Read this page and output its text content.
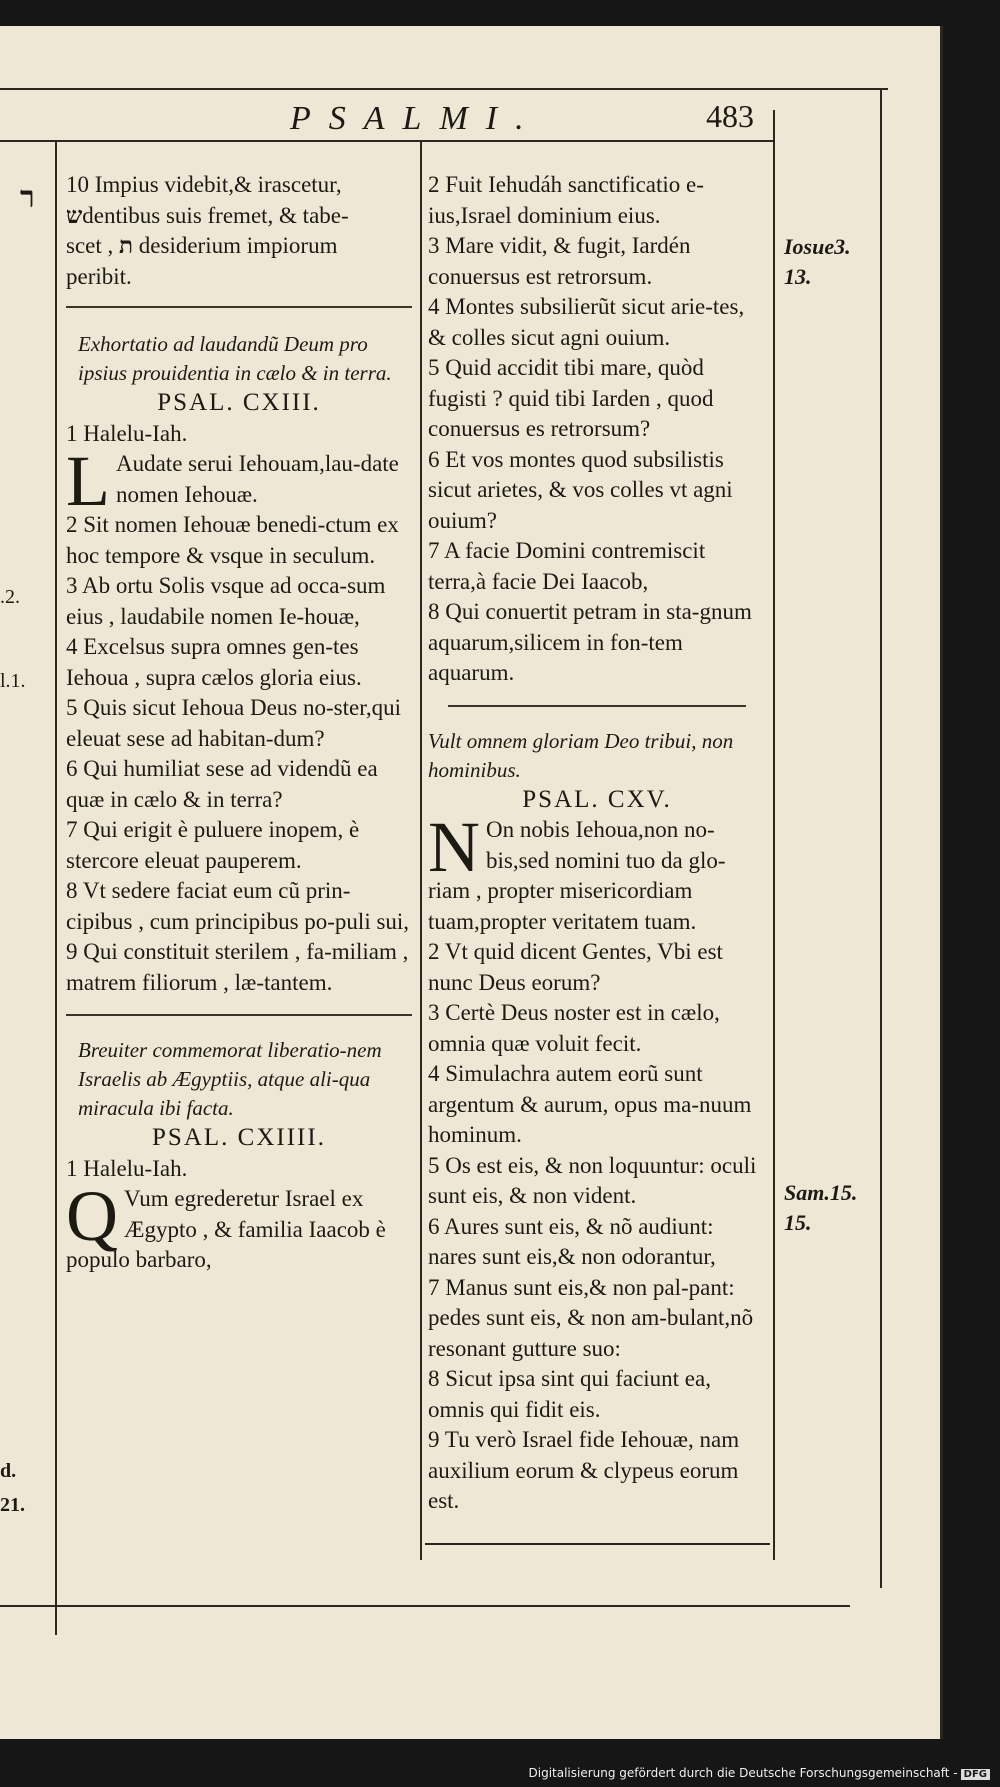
PSALMI.	483
ר
.2.
l.1.
d.
21.

10 Impius videbit,& irascetur,

שdentibus suis fremet, & tabe-

scet , ת desiderium impiorum

peribit.

Exhortatio ad laudandũ Deum pro ipsius prouidentia in cælo & in terra.

PSAL. CXIII.

1 Halelu-Iah.

L Audate serui Iehouam,lau-date nomen Iehouæ.

2 Sit nomen Iehouæ benedi-ctum ex hoc tempore & vsque in seculum.

3 Ab ortu Solis vsque ad occa-sum eius , laudabile nomen Ie-houæ,

4 Excelsus supra omnes gen-tes Iehoua , supra cælos gloria eius.

5 Quis sicut Iehoua Deus no-ster,qui eleuat sese ad habitan-dum?

6 Qui humiliat sese ad videndũ ea quæ in cælo & in terra?

7 Qui erigit è puluere inopem, è stercore eleuat pauperem.

8 Vt sedere faciat eum cũ prin-cipibus , cum principibus po-puli sui,

9 Qui constituit sterilem , fa-miliam , matrem filiorum , læ-tantem.

Breuiter commemorat liberatio-nem Israelis ab Ægyptiis, atque ali-qua miracula ibi facta.

PSAL. CXIIII.

1 Halelu-Iah.

Q Vum egrederetur Israel ex Ægypto , & familia Iaacob è populo barbaro,

2 Fuit Iehudáh sanctificatio e-ius,Israel dominium eius.

3 Mare vidit, & fugit, Iardén conuersus est retrorsum.

4 Montes subsilierũt sicut arie-tes, & colles sicut agni ouium.

5 Quid accidit tibi mare, quòd fugisti ? quid tibi Iarden , quod conuersus es retrorsum?

6 Et vos montes quod subsilistis sicut arietes, & vos colles vt agni ouium?

7 A facie Domini contremiscit terra,à facie Dei Iaacob,

8 Qui conuertit petram in sta-gnum aquarum,silicem in fon-tem aquarum.

Vult omnem gloriam Deo tribui, non hominibus.

PSAL. CXV.

N On nobis Iehoua,non no-bis,sed nomini tuo da glo-riam , propter misericordiam tuam,propter veritatem tuam.

2 Vt quid dicent Gentes, Vbi est nunc Deus eorum?

3 Certè Deus noster est in cælo, omnia quæ voluit fecit.

4 Simulachra autem eorũ sunt argentum & aurum, opus ma-nuum hominum.

5 Os est eis, & non loquuntur: oculi sunt eis, & non vident.

6 Aures sunt eis, & nõ audiunt: nares sunt eis,& non odorantur,

7 Manus sunt eis,& non pal-pant: pedes sunt eis, & non am-bulant,nõ resonant gutture suo:

8 Sicut ipsa sint qui faciunt ea, omnis qui fidit eis.

9 Tu verò Israel fide Iehouæ, nam auxilium eorum & clypeus eorum est.

Iosue3.
13.
Sam.15.
15.
Digitalisierung gefördert durch die Deutsche Forschungsgemeinschaft - DFG
